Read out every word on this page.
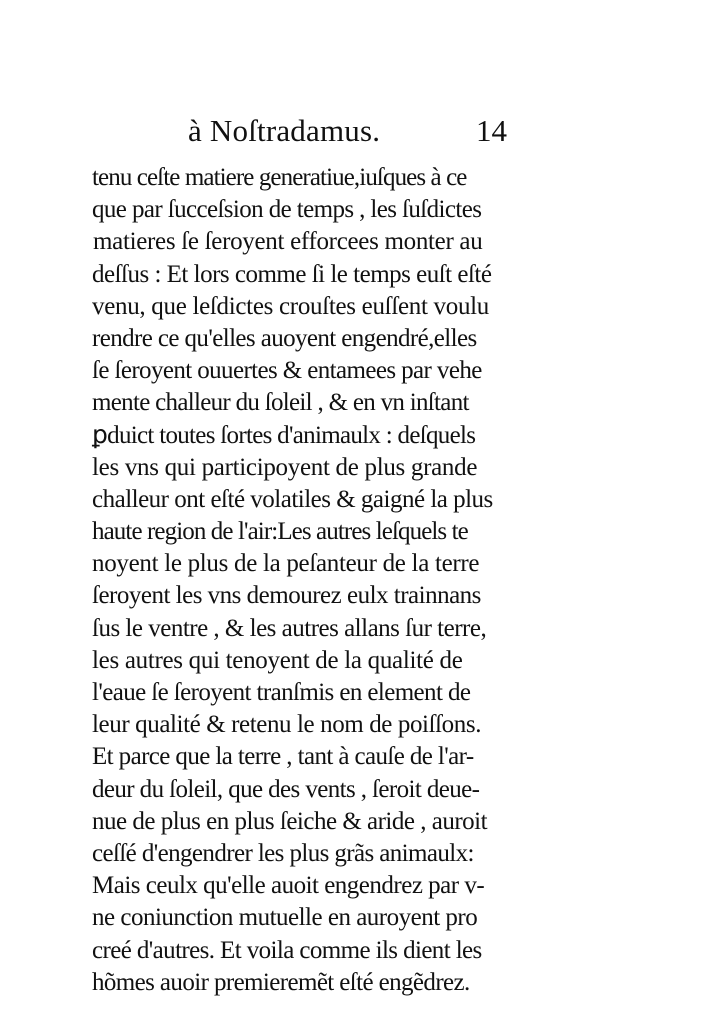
à Noſtradamus.	14
tenu ceſte matiere generatiue,iuſques à ce
que par ſucceſsion de temps , les ſuſdictes
matieres ſe ſeroyent efforcees monter au
deſſus : Et lors comme ſi le temps euſt eſté
venu, que leſdictes crouſtes euſſent voulu
rendre ce qu'elles auoyent engendré,elles
ſe ſeroyent ouuertes & entamees par vehe
mente challeur du ſoleil , & en vn inſtant
ꝑduict toutes ſortes d'animaulx : deſquels
les vns qui participoyent de plus grande
challeur ont eſté volatiles & gaigné la plus
haute region de l'air:Les autres leſquels te
noyent le plus de la peſanteur de la terre
ſeroyent les vns demourez eulx trainnans
ſus le ventre , & les autres allans ſur terre,
les autres qui tenoyent de la qualité de
l'eaue ſe ſeroyent tranſmis en element de
leur qualité & retenu le nom de poiſſons.
Et parce que la terre , tant à cauſe de l'ar-
deur du ſoleil, que des vents , ſeroit deue-
nue de plus en plus ſeiche & aride , auroit
ceſſé d'engendrer les plus grãs animaulx:
Mais ceulx qu'elle auoit engendrez par v-
ne coniunction mutuelle en auroyent pro
creé d'autres. Et voila comme ils dient les
hõmes auoir premieremẽt eſté engẽdrez.
